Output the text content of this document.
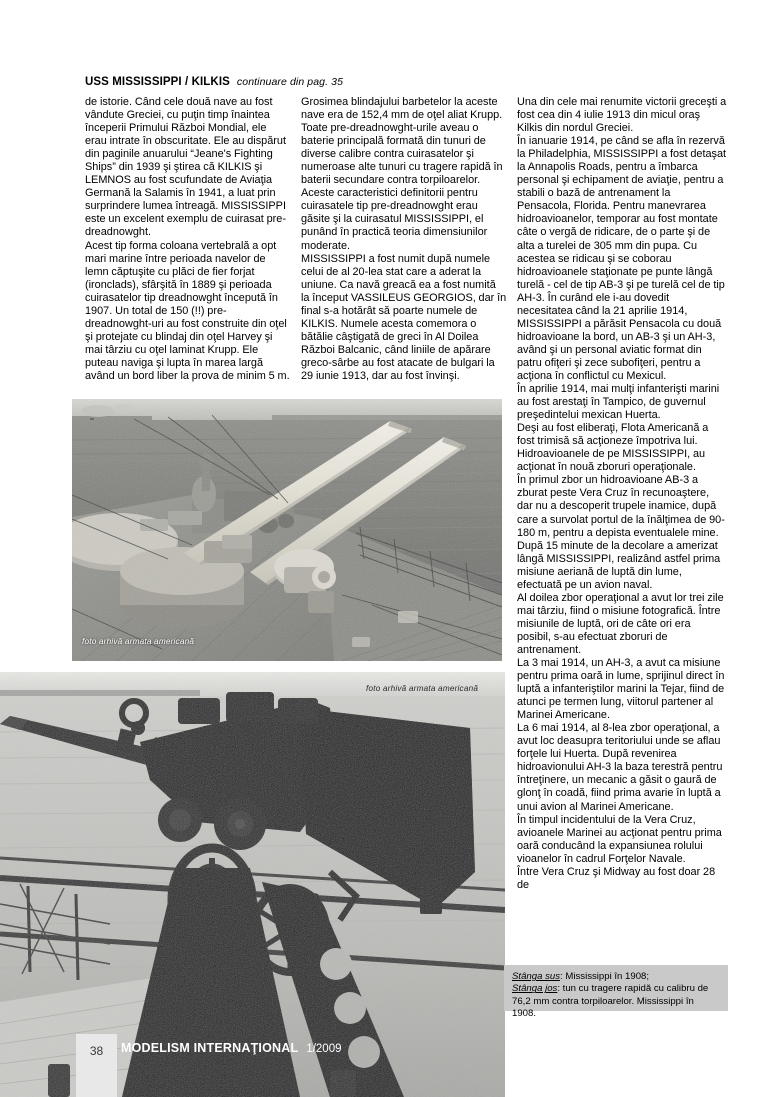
USS MISSISSIPPI / KILKIS continuare din pag. 35

de istorie. Când cele două nave au fost vândute Greciei, cu puţin timp înaintea începerii Primului Război Mondial, ele erau intrate în obscuritate. Ele au dispărut din paginile anuarului “Jeane's Fighting Ships” din 1939 şi ştirea că KILKIS şi LEMNOS au fost scufundate de Aviaţia Germană la Salamis în 1941, a luat prin surprindere lumea întreagă. MISSISSIPPI este un excelent exemplu de cuirasat pre-dreadnowght.

Acest tip forma coloana vertebrală a opt mari marine între perioada navelor de lemn căptuşite cu plăci de fier forjat (ironclads), sfârşită în 1889 şi perioada cuirasatelor tip dreadnowght începută în 1907. Un total de 150 (!!) pre-dreadnowght-uri au fost construite din oţel şi protejate cu blindaj din oţel Harvey şi mai târziu cu oţel laminat Krupp. Ele puteau naviga şi lupta în marea largă având un bord liber la prova de minim 5 m.

Grosimea blindajului barbetelor la aceste nave era de 152,4 mm de oţel aliat Krupp. Toate pre-dreadnowght-urile aveau o baterie principală formată din tunuri de diverse calibre contra cuirasatelor şi numeroase alte tunuri cu tragere rapidă în baterii secundare contra torpiloarelor.

Aceste caracteristici definitorii pentru cuirasatele tip pre-dreadnowght erau găsite şi la cuirasatul MISSISSIPPI, el punând în practică teoria dimensiunilor moderate.

MISSISSIPPI a fost numit după numele celui de al 20-lea stat care a aderat la uniune. Ca navă greacă ea a fost numită la început VASSILEUS GEORGIOS, dar în final s-a hotărât să poarte numele de KILKIS. Numele acesta comemora o bătălie câştigată de greci în Al Doilea Război Balcanic, când liniile de apărare greco-sârbe au fost atacate de bulgari la 29 iunie 1913, dar au fost învinşi.

Una din cele mai renumite victorii greceşti a fost cea din 4 iulie 1913 din micul oraş Kilkis din nordul Greciei.

În ianuarie 1914, pe când se afla în rezervă la Philadelphia, MISSISSIPPI a fost detaşat la Annapolis Roads, pentru a îmbarca personal şi echipament de aviaţie, pentru a stabili o bază de antrenament la Pensacola, Florida. Pentru manevrarea hidroavioanelor, temporar au fost montate câte o vergă de ridicare, de o parte şi de alta a turelei de 305 mm din pupa. Cu acestea se ridicau şi se coborau hidroavioanele staţionate pe punte lângă turelă - cel de tip AB-3 şi pe turelă cel de tip AH-3. În curând ele i-au dovedit necesitatea când la 21 aprilie 1914, MISSISSIPPI a părăsit Pensacola cu două hidroavioane la bord, un AB-3 şi un AH-3, având şi un personal aviatic format din patru ofiţeri şi zece subofiţeri, pentru a acţiona în conflictul cu Mexicul.

În aprilie 1914, mai mulţi infanterişti marini au fost arestaţi în Tampico, de guvernul preşedintelui mexican Huerta.

Deşi au fost eliberaţi, Flota Americană a fost trimisă să acţioneze împotriva lui.

Hidroavioanele de pe MISSISSIPPI, au acţionat în nouă zboruri operaţionale.

În primul zbor un hidroavioane AB-3 a zburat peste Vera Cruz în recunoaştere, dar nu a descoperit trupele inamice, după care a survolat portul de la înălţimea de 90-180 m, pentru a depista eventualele mine.

După 15 minute de la decolare a amerizat lângă MISSISSIPPI, realizând astfel prima misiune aeriană de luptă din lume, efectuată pe un avion naval.

Al doilea zbor operaţional a avut lor trei zile mai târziu, fiind o misiune fotografică. Între misiunile de luptă, ori de câte ori era posibil, s-au efectuat zboruri de antrenament.

La 3 mai 1914, un AH-3, a avut ca misiune pentru prima oară in lume, sprijinul direct în luptă a infanteriştilor marini la Tejar, fiind de atunci pe termen lung, viitorul partener al Marinei Americane.

La 6 mai 1914, al 8-lea zbor operaţional, a avut loc deasupra teritoriului unde se aflau forţele lui Huerta. După revenirea hidroavionului AH-3 la baza terestră pentru întreţinere, un mecanic a găsit o gaură de glonţ în coadă, fiind prima avarie în luptă a unui avion al Marinei Americane.

În timpul incidentului de la Vera Cruz, avioanele Marinei au acţionat pentru prima oară conducând la expansiunea rolului vioanelor în cadrul Forţelor Navale.

Între Vera Cruz şi Midway au fost doar 28 de

foto arhivă armata americană
foto arhivă armata americană
Stânga sus: Mississippi în 1908;
Stânga jos: tun cu tragere rapidă cu calibru de 76,2 mm contra torpiloarelor. Mississippi în 1908.
38	MODELISM INTERNAŢIONAL 1/2009
